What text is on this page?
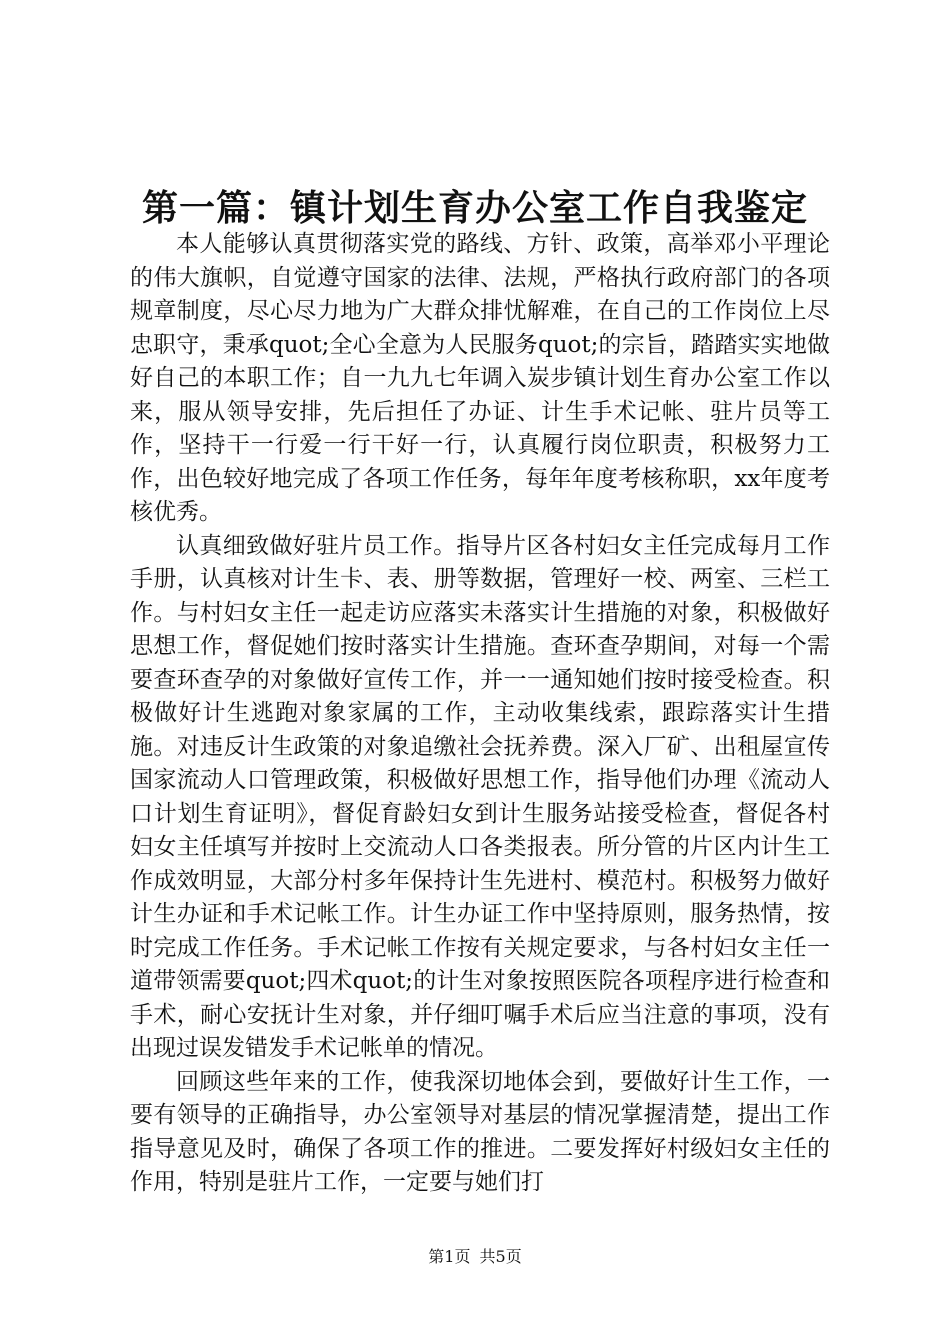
第一篇：镇计划生育办公室工作自我鉴定

本人能够认真贯彻落实党的路线、方针、政策，高举邓小平理论的伟大旗帜，自觉遵守国家的法律、法规，严格执行政府部门的各项规章制度，尽心尽力地为广大群众排忧解难，在自己的工作岗位上尽忠职守，秉承quot;全心全意为人民服务quot;的宗旨，踏踏实实地做好自己的本职工作；自一九九七年调入炭步镇计划生育办公室工作以来，服从领导安排，先后担任了办证、计生手术记帐、驻片员等工作，坚持干一行爱一行干好一行，认真履行岗位职责，积极努力工作，出色较好地完成了各项工作任务，每年年度考核称职，xx年度考核优秀。

认真细致做好驻片员工作。指导片区各村妇女主任完成每月工作手册，认真核对计生卡、表、册等数据，管理好一校、两室、三栏工作。与村妇女主任一起走访应落实未落实计生措施的对象，积极做好思想工作，督促她们按时落实计生措施。查环查孕期间，对每一个需要查环查孕的对象做好宣传工作，并一一通知她们按时接受检查。积极做好计生逃跑对象家属的工作，主动收集线索，跟踪落实计生措施。对违反计生政策的对象追缴社会抚养费。深入厂矿、出租屋宣传国家流动人口管理政策，积极做好思想工作，指导他们办理《流动人口计划生育证明》，督促育龄妇女到计生服务站接受检查，督促各村妇女主任填写并按时上交流动人口各类报表。所分管的片区内计生工作成效明显，大部分村多年保持计生先进村、模范村。积极努力做好计生办证和手术记帐工作。计生办证工作中坚持原则，服务热情，按时完成工作任务。手术记帐工作按有关规定要求，与各村妇女主任一道带领需要quot;四术quot;的计生对象按照医院各项程序进行检查和手术，耐心安抚计生对象，并仔细叮嘱手术后应当注意的事项，没有出现过误发错发手术记帐单的情况。

回顾这些年来的工作，使我深切地体会到，要做好计生工作，一要有领导的正确指导，办公室领导对基层的情况掌握清楚，提出工作指导意见及时，确保了各项工作的推进。二要发挥好村级妇女主任的作用，特别是驻片工作，一定要与她们打

第1页 共5页
